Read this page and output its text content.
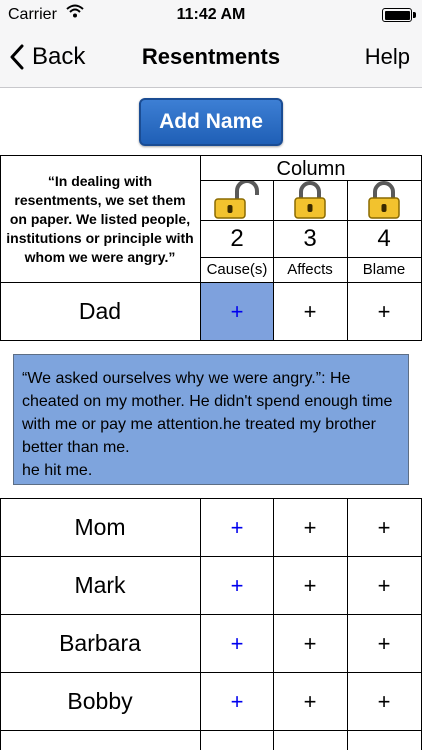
Carrier	11:42 AM
Back	Resentments	Help
Add Name
“In dealing with resentments, we set them on paper. We listed people, institutions or principle with whom we were angry.”
Column
2	3	4
Cause(s)	Affects	Blame
Dad	+	+	+
“We asked ourselves why we were angry.”: He cheated on my mother. He didn't spend enough time with me or pay me attention.he treated my brother better than me.
he hit me.
Mom	+	+	+
Mark	+	+	+
Barbara	+	+	+
Bobby	+	+	+
